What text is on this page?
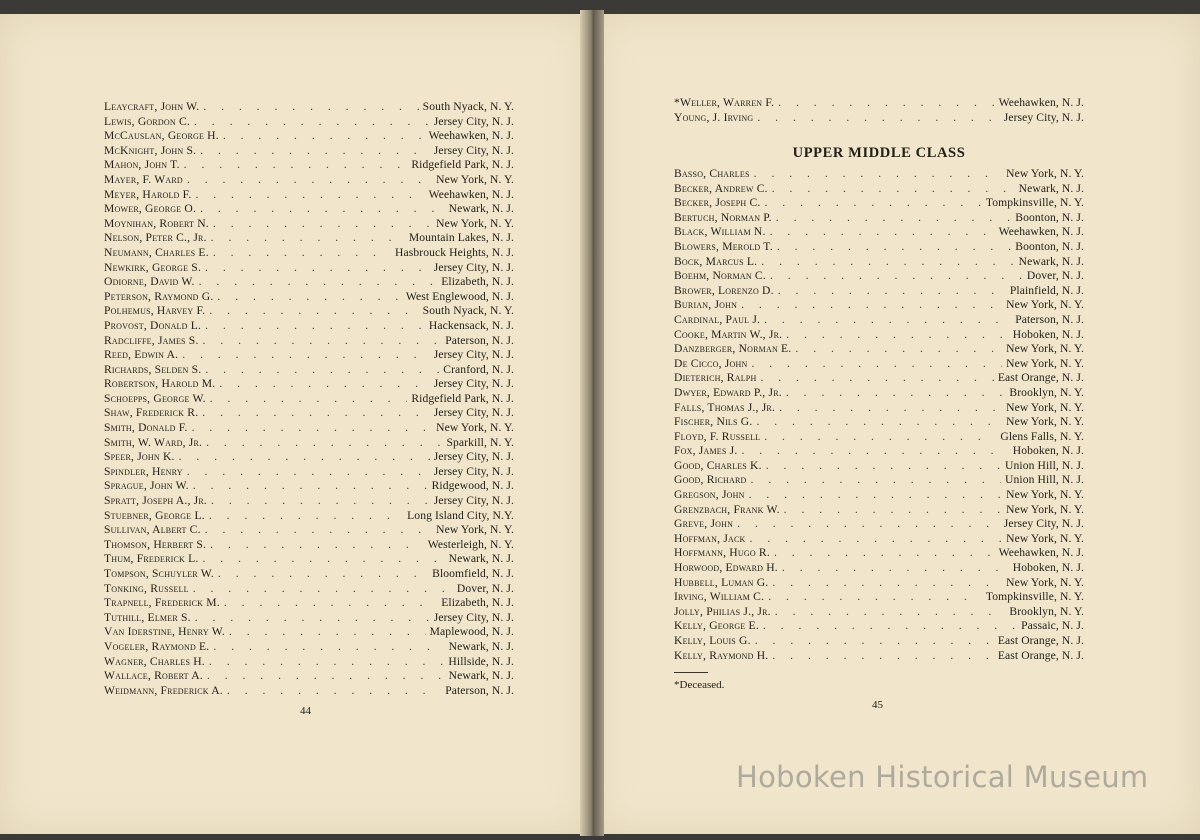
Leaycraft, John W. . . .	South Nyack, N. Y.
Lewis, Gordon C. . . .	Jersey City, N. J.
McCauslan, George H. . . .	Weehawken, N. J.
McKnight, John S. . . .	Jersey City, N. J.
Mahon, John T. . . .	Ridgefield Park, N. J.
Mayer, F. Ward . . .	New York, N. Y.
Meyer, Harold F. . . .	Weehawken, N. J.
Mower, George O. . . .	Newark, N. J.
Moynihan, Robert N. . . .	New York, N. Y.
Nelson, Peter C., Jr. . . .	Mountain Lakes, N. J.
Neumann, Charles E. . . .	Hasbrouck Heights, N. J.
Newkirk, George S. . . .	Jersey City, N. J.
Odiorne, David W. . . .	Elizabeth, N. J.
Peterson, Raymond G. . . .	West Englewood, N. J.
Polhemus, Harvey F. . . .	South Nyack, N. Y.
Provost, Donald L. . . .	Hackensack, N. J.
Radcliffe, James S. . . .	Paterson, N. J.
Reed, Edwin A. . . .	Jersey City, N. J.
Richards, Selden S. . . .	Cranford, N. J.
Robertson, Harold M. . . .	Jersey City, N. J.
Schoepps, George W. . . .	Ridgefield Park, N. J.
Shaw, Frederick R. . . .	Jersey City, N. J.
Smith, Donald F. . . .	New York, N. Y.
Smith, W. Ward, Jr. . . .	Sparkill, N. Y.
Speer, John K. . . .	Jersey City, N. J.
Spindler, Henry . . .	Jersey City, N. J.
Sprague, John W. . . .	Ridgewood, N. J.
Spratt, Joseph A., Jr. . . .	Jersey City, N. J.
Stuebner, George L. . . .	Long Island City, N.Y.
Sullivan, Albert C. . . .	New York, N. Y.
Thomson, Herbert S. . . .	Westerleigh, N. Y.
Thum, Frederick L. . . .	Newark, N. J.
Tompson, Schuyler W. . . .	Bloomfield, N. J.
Tonking, Russell . . .	Dover, N. J.
Trapnell, Frederick M. . . .	Elizabeth, N. J.
Tuthill, Elmer S. . . .	Jersey City, N. J.
Van Iderstine, Henry W. . . .	Maplewood, N. J.
Vogeler, Raymond E. . . .	Newark, N. J.
Wagner, Charles H. . . .	Hillside, N. J.
Wallace, Robert A. . . .	Newark, N. J.
Weidmann, Frederick A. . . .	Paterson, N. J.
44
*Weller, Warren F. . . .	Weehawken, N. J.
Young, J. Irving . . .	Jersey City, N. J.
UPPER MIDDLE CLASS
Basso, Charles . . .	New York, N. Y.
Becker, Andrew C. . . .	Newark, N. J.
Becker, Joseph C. . . .	Tompkinsville, N. Y.
Bertuch, Norman P. . . .	Boonton, N. J.
Black, William N. . . .	Weehawken, N. J.
Blowers, Merold T. . . .	Boonton, N. J.
Bock, Marcus L. . . .	Newark, N. J.
Boehm, Norman C. . . .	Dover, N. J.
Brower, Lorenzo D. . . .	Plainfield, N. J.
Burian, John . . .	New York, N. Y.
Cardinal, Paul J. . . .	Paterson, N. J.
Cooke, Martin W., Jr. . . .	Hoboken, N. J.
Danzberger, Norman E. . . .	New York, N. Y.
De Cicco, John . . .	New York, N. Y.
Dieterich, Ralph . . .	East Orange, N. J.
Dwyer, Edward P., Jr. . . .	Brooklyn, N. Y.
Falls, Thomas J., Jr. . . .	New York, N. Y.
Fischer, Nils G. . . .	New York, N. Y.
Floyd, F. Russell . . .	Glens Falls, N. Y.
Fox, James J. . . .	Hoboken, N. J.
Good, Charles K. . . .	Union Hill, N. J.
Good, Richard . . .	Union Hill, N. J.
Gregson, John . . .	New York, N. Y.
Grenzbach, Frank W. . . .	New York, N. Y.
Greve, John . . .	Jersey City, N. J.
Hoffman, Jack . . .	New York, N. Y.
Hoffmann, Hugo R. . . .	Weehawken, N. J.
Horwood, Edward H. . . .	Hoboken, N. J.
Hubbell, Luman G. . . .	New York, N. Y.
Irving, William C. . . .	Tompkinsville, N. Y.
Jolly, Philias J., Jr. . . .	Brooklyn, N. Y.
Kelly, George E. . . .	Passaic, N. J.
Kelly, Louis G. . . .	East Orange, N. J.
Kelly, Raymond H. . . .	East Orange, N. J.
*Deceased.
45
Hoboken Historical Museum
